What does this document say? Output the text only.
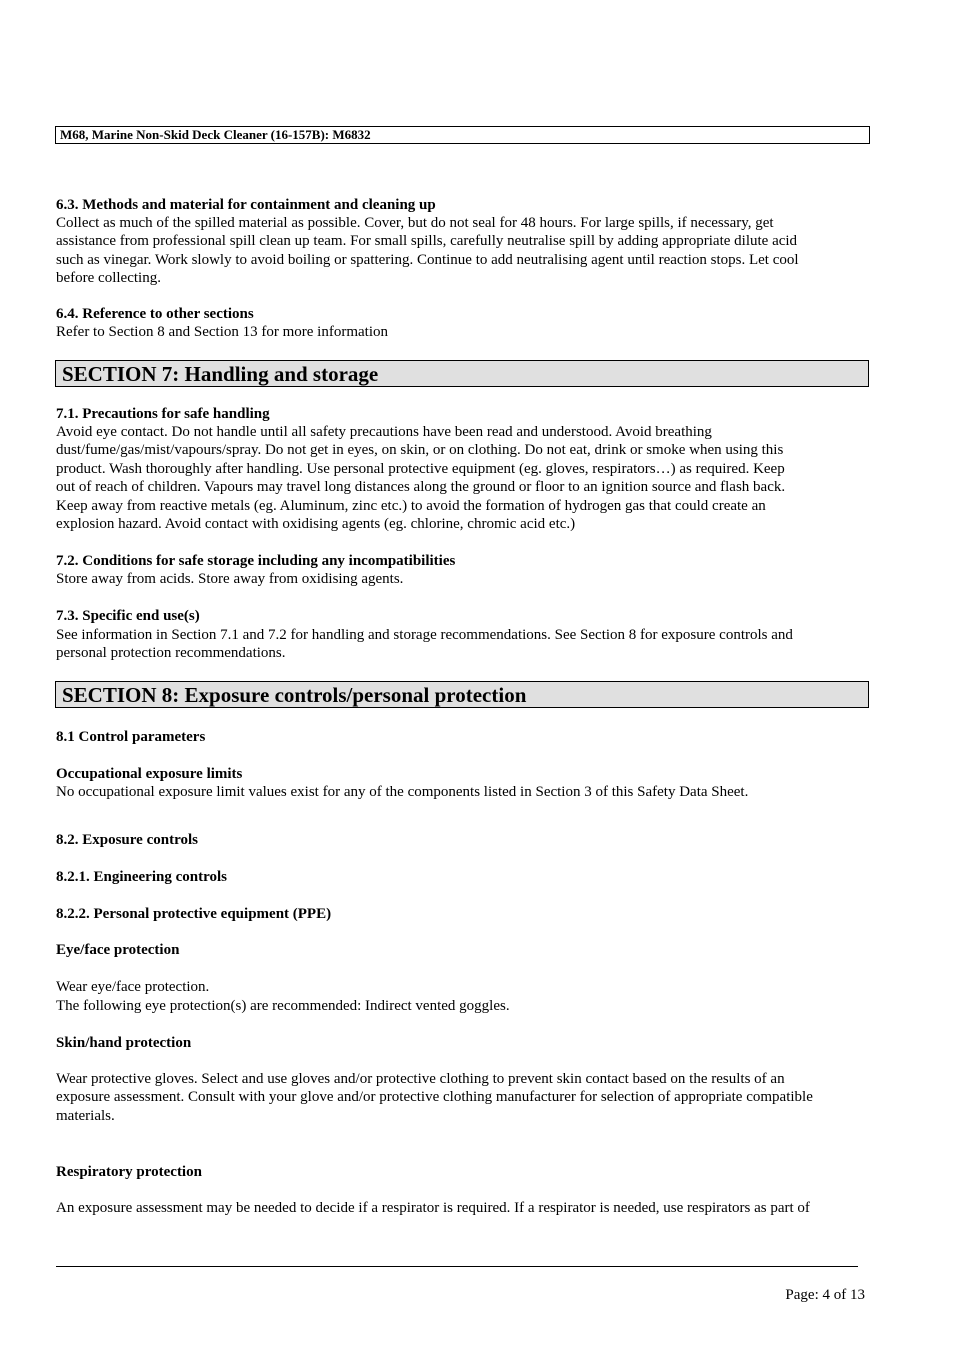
M68, Marine Non-Skid Deck Cleaner (16-157B): M6832
6.3. Methods and material for containment and cleaning up
Collect as much of the spilled material as possible. Cover, but do not seal for 48 hours. For large spills, if necessary, get
assistance from professional spill clean up team. For small spills, carefully neutralise spill by adding appropriate dilute acid
such as vinegar. Work slowly to avoid boiling or spattering. Continue to add neutralising agent until reaction stops. Let cool
before collecting.
6.4. Reference to other sections
Refer to Section 8 and Section 13 for more information
SECTION 7: Handling and storage
7.1. Precautions for safe handling
Avoid eye contact. Do not handle until all safety precautions have been read and understood. Avoid breathing
dust/fume/gas/mist/vapours/spray. Do not get in eyes, on skin, or on clothing. Do not eat, drink or smoke when using this
product. Wash thoroughly after handling. Use personal protective equipment (eg. gloves, respirators…) as required. Keep
out of reach of children. Vapours may travel long distances along the ground or floor to an ignition source and flash back.
Keep away from reactive metals (eg. Aluminum, zinc etc.) to avoid the formation of hydrogen gas that could create an
explosion hazard. Avoid contact with oxidising agents (eg. chlorine, chromic acid etc.)
7.2. Conditions for safe storage including any incompatibilities
Store away from acids. Store away from oxidising agents.
7.3. Specific end use(s)
See information in Section 7.1 and 7.2 for handling and storage recommendations. See Section 8 for exposure controls and
personal protection recommendations.
SECTION 8: Exposure controls/personal protection
8.1 Control parameters
Occupational exposure limits
No occupational exposure limit values exist for any of the components listed in Section 3 of this Safety Data Sheet.
8.2. Exposure controls
8.2.1. Engineering controls
8.2.2. Personal protective equipment (PPE)
Eye/face protection
Wear eye/face protection.
The following eye protection(s) are recommended: Indirect vented goggles.
Skin/hand protection
Wear protective gloves. Select and use gloves and/or protective clothing to prevent skin contact based on the results of an
exposure assessment. Consult with your glove and/or protective clothing manufacturer for selection of appropriate compatible
materials.
Respiratory protection
An exposure assessment may be needed to decide if a respirator is required. If a respirator is needed, use respirators as part of
Page: 4 of 13
